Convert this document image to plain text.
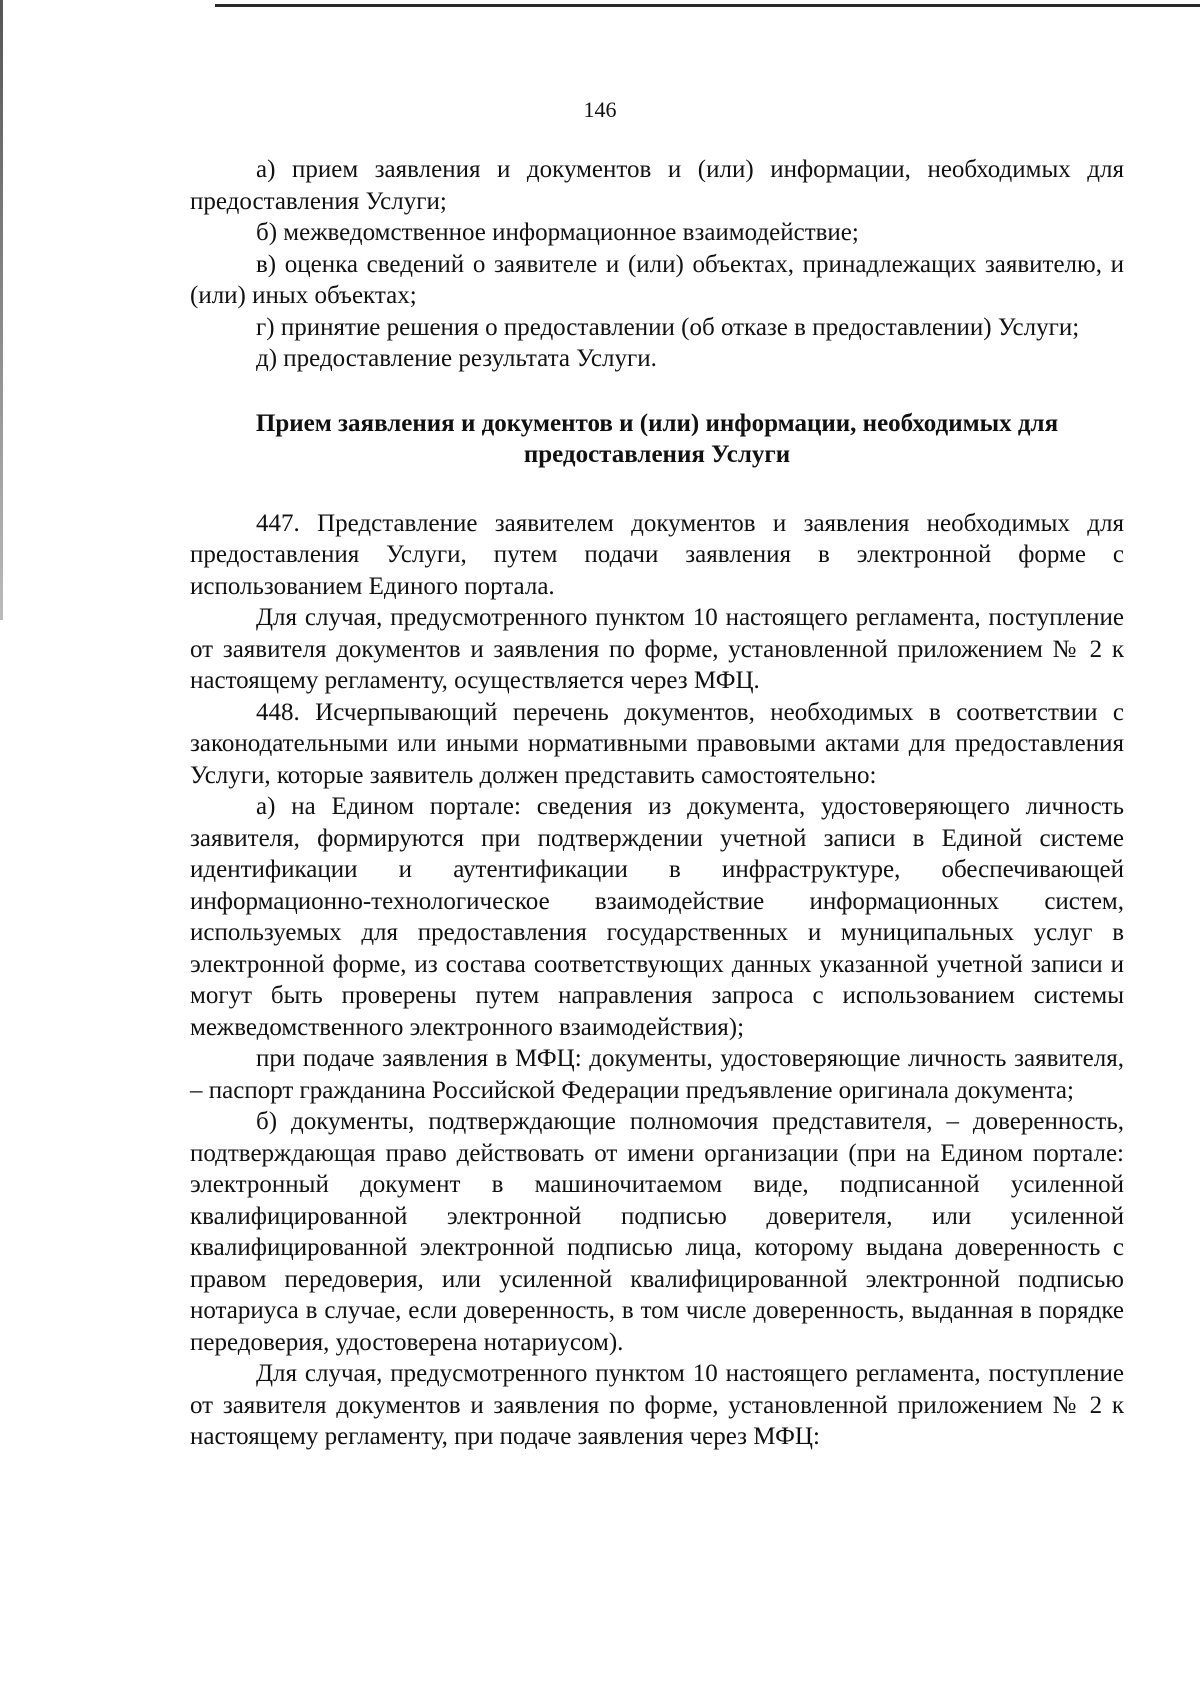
146

а) прием заявления и документов и (или) информации, необходимых для предоставления Услуги;

б) межведомственное информационное взаимодействие;

в) оценка сведений о заявителе и (или) объектах, принадлежащих заявителю, и (или) иных объектах;

г) принятие решения о предоставлении (об отказе в предоставлении) Услуги;

д) предоставление результата Услуги.

Прием заявления и документов и (или) информации, необходимых для предоставления Услуги

447. Представление заявителем документов и заявления необходимых для предоставления Услуги, путем подачи заявления в электронной форме с использованием Единого портала.

Для случая, предусмотренного пунктом 10 настоящего регламента, поступление от заявителя документов и заявления по форме, установленной приложением № 2 к настоящему регламенту, осуществляется через МФЦ.

448. Исчерпывающий перечень документов, необходимых в соответствии с законодательными или иными нормативными правовыми актами для предоставления Услуги, которые заявитель должен представить самостоятельно:

а) на Едином портале: сведения из документа, удостоверяющего личность заявителя, формируются при подтверждении учетной записи в Единой системе идентификации и аутентификации в инфраструктуре, обеспечивающей информационно-технологическое взаимодействие информационных систем, используемых для предоставления государственных и муниципальных услуг в электронной форме, из состава соответствующих данных указанной учетной записи и могут быть проверены путем направления запроса с использованием системы межведомственного электронного взаимодействия);

при подаче заявления в МФЦ: документы, удостоверяющие личность заявителя, – паспорт гражданина Российской Федерации предъявление оригинала документа;

б) документы, подтверждающие полномочия представителя, – доверенность, подтверждающая право действовать от имени организации (при на Едином портале: электронный документ в машиночитаемом виде, подписанной усиленной квалифицированной электронной подписью доверителя, или усиленной квалифицированной электронной подписью лица, которому выдана доверенность с правом передоверия, или усиленной квалифицированной электронной подписью нотариуса в случае, если доверенность, в том числе доверенность, выданная в порядке передоверия, удостоверена нотариусом).

Для случая, предусмотренного пунктом 10 настоящего регламента, поступление от заявителя документов и заявления по форме, установленной приложением № 2 к настоящему регламенту, при подаче заявления через МФЦ:
